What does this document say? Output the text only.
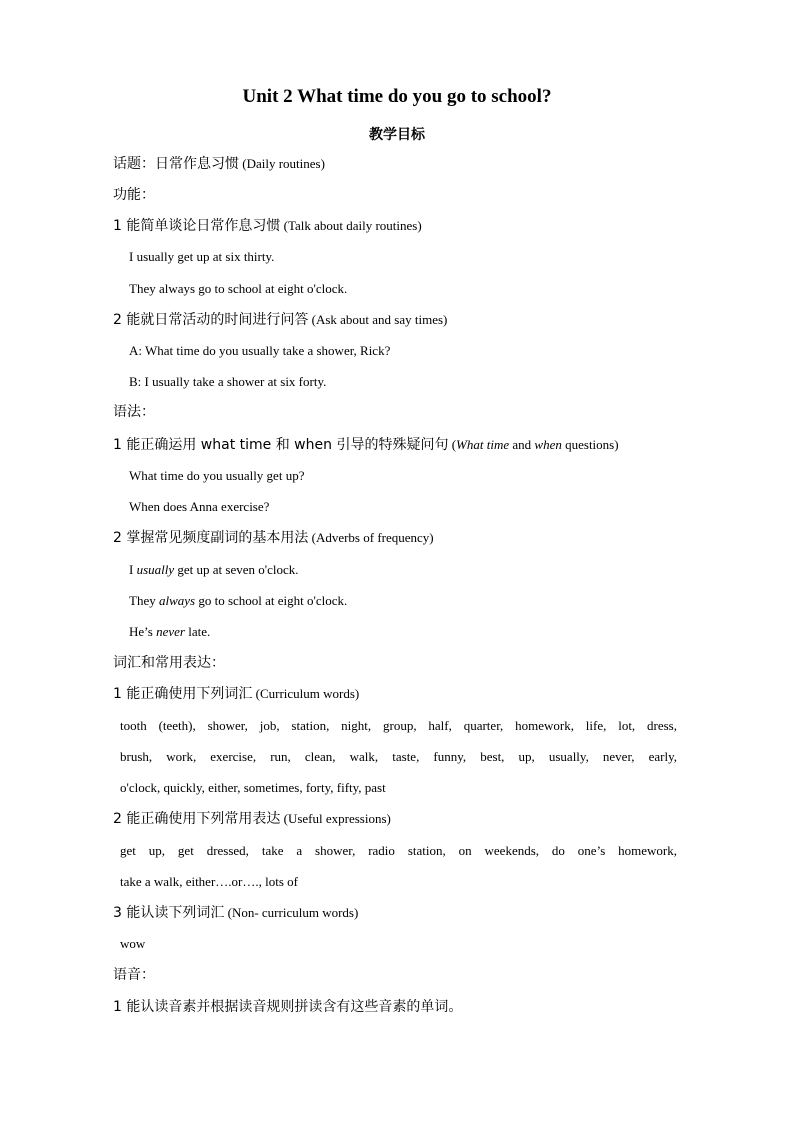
Unit 2 What time do you go to school?
教学目标
话题：日常作息习惯 (Daily routines)
功能：
1 能简单谈论日常作息习惯 (Talk about daily routines)
I usually get up at six thirty.
They always go to school at eight o'clock.
2 能就日常活动的时间进行问答 (Ask about and say times)
A: What time do you usually take a shower, Rick?
B: I usually take a shower at six forty.
语法：
1 能正确运用 what time 和 when 引导的特殊疑问句 (What time and when questions)
What time do you usually get up?
When does Anna exercise?
2 掌握常见频度副词的基本用法 (Adverbs of frequency)
I usually get up at seven o'clock.
They always go to school at eight o'clock.
He’s never late.
词汇和常用表达：
1 能正确使用下列词汇 (Curriculum words)
tooth (teeth), shower, job, station, night, group, half, quarter, homework, life, lot, dress,
brush, work, exercise, run, clean, walk, taste, funny, best, up, usually, never, early,
o'clock, quickly, either, sometimes, forty, fifty, past
2 能正确使用下列常用表达 (Useful expressions)
get up, get dressed, take a shower, radio station, on weekends, do one’s homework,
take a walk, either….or…., lots of
3 能认读下列词汇 (Non- curriculum words)
wow
语音：
1 能认读音素并根据读音规则拼读含有这些音素的单词。
